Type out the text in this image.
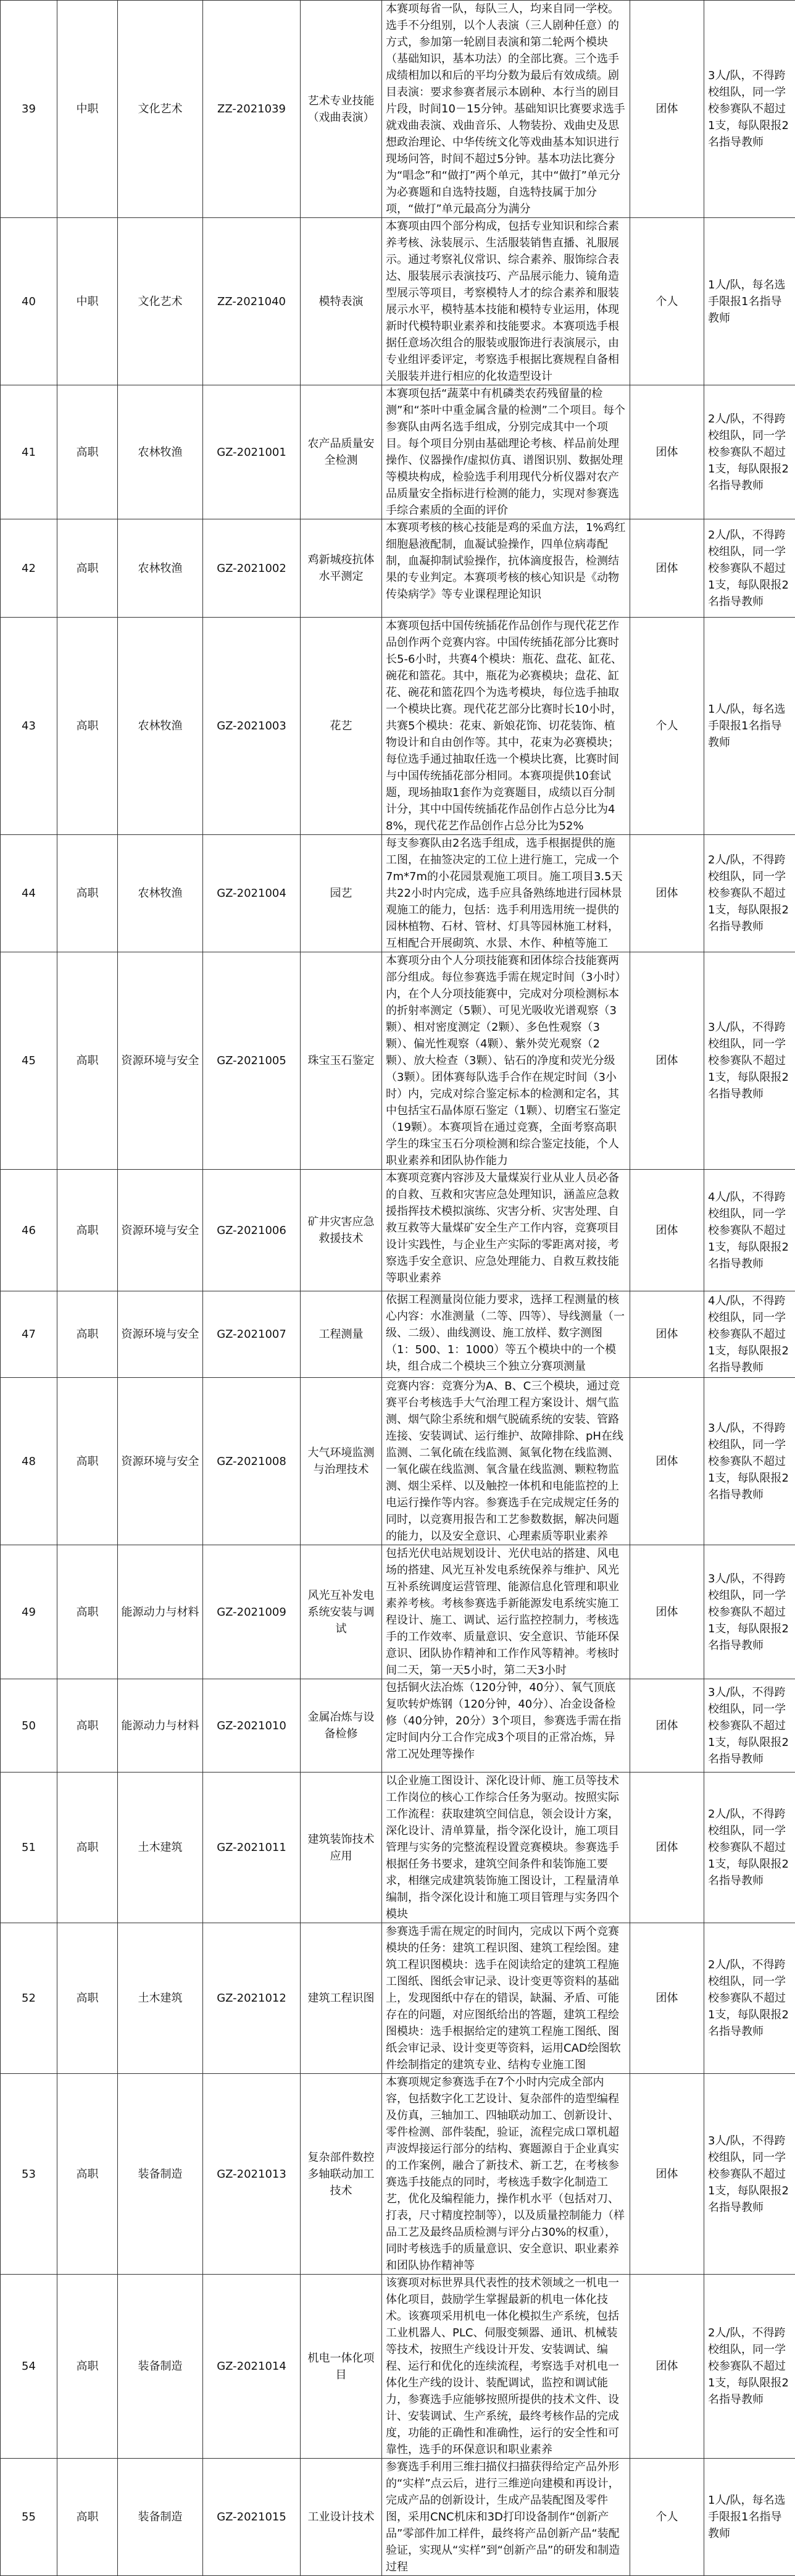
39	中职	文化艺术	ZZ-2021039	艺术专业技能（戏曲表演）	本赛项每省一队，每队三人，均来自同一学校。选手不分组别，以个人表演（三人剧种任意）的方式，参加第一轮剧目表演和第二轮两个模块（基础知识，基本功法）的全部比赛。三个选手成绩相加以和后的平均分数为最后有效成绩。剧目表演：要求参赛者展示本剧种、本行当的剧目片段，时间10－15分钟。基础知识比赛要求选手就戏曲表演、戏曲音乐、人物装扮、戏曲史及思想政治理论、中华传统文化等戏曲基本知识进行现场问答，时间不超过5分钟。基本功法比赛分为“唱念”和“做打”两个单元，其中“做打”单元分为必赛题和自选特技题，自选特技属于加分项，“做打”单元最高分为满分	团体	3人/队，不得跨校组队，同一学校参赛队不超过1支，每队限报2名指导教师
40	中职	文化艺术	ZZ-2021040	模特表演	本赛项由四个部分构成，包括专业知识和综合素养考核、泳装展示、生活服装销售直播、礼服展示。通过考察礼仪常识、综合素养、服饰综合表达、服装展示表演技巧、产品展示能力、镜角造型展示等项目，考察模特人才的综合素养和服装展示水平，模特基本技能和模特专业运用，体现新时代模特职业素养和技能要求。本赛项选手根据任意场次组合的服装或服饰进行表演展示，由专业组评委评定，考察选手根据比赛规程自备相关服装并进行相应的化妆造型设计	个人	1人/队，每名选手限报1名指导教师
41	高职	农林牧渔	GZ-2021001	农产品质量安全检测	本赛项包括“蔬菜中有机磷类农药残留量的检测”和“茶叶中重金属含量的检测”二个项目。每个参赛队由两名选手组成，分别完成其中一个项目。每个项目分别由基础理论考核、样品前处理操作、仪器操作/虚拟仿真、谱图识别、数据处理等模块构成，检验选手利用现代分析仪器对农产品质量安全指标进行检测的能力，实现对参赛选手综合素质的全面的评价	团体	2人/队，不得跨校组队，同一学校参赛队不超过1支，每队限报2名指导教师
42	高职	农林牧渔	GZ-2021002	鸡新城疫抗体水平测定	本赛项考核的核心技能是鸡的采血方法，1%鸡红细胞悬液配制，血凝试验操作，四单位病毒配制，血凝抑制试验操作，抗体滴度报告，检测结果的专业判定。本赛项考核的核心知识是《动物传染病学》等专业课程理论知识	团体	2人/队，不得跨校组队，同一学校参赛队不超过1支，每队限报2名指导教师
43	高职	农林牧渔	GZ-2021003	花艺	本赛项包括中国传统插花作品创作与现代花艺作品创作两个竞赛内容。中国传统插花部分比赛时长5-6小时，共赛4个模块：瓶花、盘花、缸花、碗花和篮花。其中，瓶花为必赛模块；盘花、缸花、碗花和篮花四个为选考模块，每位选手抽取一个模块比赛。现代花艺部分比赛时长10小时，共赛5个模块：花束、新娘花饰、切花装饰、植物设计和自由创作等。其中，花束为必赛模块；每位选手通过抽取任选一个模块比赛，比赛时间与中国传统插花部分相同。本赛项提供10套试题，现场抽取1套作为竞赛题目，成绩以百分制计分，其中中国传统插花作品创作占总分比为48%，现代花艺作品创作占总分比为52%	个人	1人/队，每名选手限报1名指导教师
44	高职	农林牧渔	GZ-2021004	园艺	每支参赛队由2名选手组成，选手根据提供的施工图，在抽签决定的工位上进行施工，完成一个7m*7m的小花园景观施工项目。施工项目3.5天共22小时内完成，选手应具备熟练地进行园林景观施工的能力，包括：选手利用选用统一提供的园林植物、石材、管材、灯具等园林施工材料，互相配合开展砌筑、水景、木作、种植等施工	团体	2人/队，不得跨校组队，同一学校参赛队不超过1支，每队限报2名指导教师
45	高职	资源环境与安全	GZ-2021005	珠宝玉石鉴定	本赛项分由个人分项技能赛和团体综合技能赛两部分组成。每位参赛选手需在规定时间（3小时）内，在个人分项技能赛中，完成对分项检测标本的折射率测定（5颗）、可见光吸收光谱观察（3颗）、相对密度测定（2颗）、多色性观察（3颗）、偏光性观察（4颗）、紫外荧光观察（2颗）、放大检查（3颗）、钻石的净度和荧光分级（3颗）。团体赛每队选手合作在规定时间（3小时）内，完成对综合鉴定标本的检测和定名，其中包括宝石晶体原石鉴定（1颗）、切磨宝石鉴定（19颗）。本赛项旨在通过竞赛，全面考察高职学生的珠宝玉石分项检测和综合鉴定技能，个人职业素养和团队协作能力	团体	3人/队，不得跨校组队，同一学校参赛队不超过1支，每队限报2名指导教师
46	高职	资源环境与安全	GZ-2021006	矿井灾害应急救援技术	本赛项竞赛内容涉及大量煤炭行业从业人员必备的自救、互救和灾害应急处理知识，涵盖应急救援指挥技术模拟演练、灾害分析、灾害处理、自救互救等大量煤矿安全生产工作内容，竞赛项目设计实践性，与企业生产实际的零距离对接，考察选手安全意识、应急处理能力、自救互救技能等职业素养	团体	4人/队，不得跨校组队，同一学校参赛队不超过1支，每队限报2名指导教师
47	高职	资源环境与安全	GZ-2021007	工程测量	依据工程测量岗位能力要求，选择工程测量的核心内容：水准测量（二等、四等）、导线测量（一级、二级）、曲线测设、施工放样、数字测图（1：500、1：1000）等五个模块中的一个模块，组合成二个模块三个独立分赛项测量	团体	4人/队，不得跨校组队，同一学校参赛队不超过1支，每队限报2名指导教师
48	高职	资源环境与安全	GZ-2021008	大气环境监测与治理技术	竞赛内容：竞赛分为A、B、C三个模块，通过竞赛平台考核选手大气治理工程方案设计、烟气监测、烟气除尘系统和烟气脱硫系统的安装、管路连接、安装调试、运行维护、故障排除、pH在线监测、二氧化硫在线监测、氮氧化物在线监测、一氧化碳在线监测、氧含量在线监测、颗粒物监测、烟尘采样、以及触控一体机和电能监控的上电运行操作等内容。参赛选手在完成规定任务的同时，以竞赛用报告和工艺参数数据，解决问题的能力，以及安全意识、心理素质等职业素养	团体	3人/队，不得跨校组队，同一学校参赛队不超过1支，每队限报2名指导教师
49	高职	能源动力与材料	GZ-2021009	风光互补发电系统安装与调试	包括光伏电站规划设计、光伏电站的搭建、风电场的搭建、风光互补发电系统保养与维护、风光互补系统调度运营管理、能源信息化管理和职业素养考核。考核参赛选手新能源发电系统实施工程设计、施工、调试、运行监控控制力，考核选手的工作效率、质量意识、安全意识、节能环保意识、团队协作精神和工作作风等精神。考核时间二天，第一天5小时，第二天3小时	团体	3人/队，不得跨校组队，同一学校参赛队不超过1支，每队限报2名指导教师
50	高职	能源动力与材料	GZ-2021010	金属冶炼与设备检修	包括铜火法冶炼（120分钟，40分）、氧气顶底复吹转炉炼钢（120分钟，40分）、冶金设备检修（40分钟，20分）3个项目，参赛选手需在指定时间内分工合作完成3个项目的正常冶炼，异常工况处理等操作	团体	3人/队，不得跨校组队，同一学校参赛队不超过1支，每队限报2名指导教师
51	高职	土木建筑	GZ-2021011	建筑装饰技术应用	以企业施工图设计、深化设计师、施工员等技术工作岗位的核心工作综合任务为驱动。按照实际工作流程：获取建筑空间信息，领会设计方案，深化设计、清单算量，指令深化设计，施工项目管理与实务的完整流程设置竞赛模块。参赛选手根据任务书要求，建筑空间条件和装饰施工要求，相继完成建筑装饰施工图设计，工程量清单编制，指令深化设计和施工项目管理与实务四个模块	团体	2人/队，不得跨校组队，同一学校参赛队不超过1支，每队限报2名指导教师
52	高职	土木建筑	GZ-2021012	建筑工程识图	参赛选手需在规定的时间内，完成以下两个竞赛模块的任务：建筑工程识图、建筑工程绘图。建筑工程识图模块：选手在阅读给定的建筑工程施工图纸、图纸会审记录、设计变更等资料的基础上，发现图纸中存在的错误，缺漏、矛盾、可能存在的问题，对应图纸给出的答题，建筑工程绘图模块：选手根据给定的建筑工程施工图纸、图纸会审记录、设计变更等资料，运用CAD绘图软件绘制指定的建筑专业、结构专业施工图	团体	2人/队，不得跨校组队，同一学校参赛队不超过1支，每队限报2名指导教师
53	高职	装备制造	GZ-2021013	复杂部件数控多轴联动加工技术	本赛项规定参赛选手在7个小时内完成全部内容，包括数字化工艺设计、复杂部件的造型编程及仿真，三轴加工、四轴联动加工、创新设计、零件检测、部件装配，验证，流程完成口罩机超声波焊接运行部分的结构、赛题源自于企业真实的工作案例，融合了新技术、新工艺，在考核参赛选手技能点的同时，考核选手数字化制造工艺，优化及编程能力，操作机水平（包括对刀、打表，尺寸精度控制等），以及质量控制能力（样品工艺及最终品质检测与评分占30%的权重），同时考核选手的质量意识、安全意识、职业素养和团队协作精神等	团体	3人/队，不得跨校组队，同一学校参赛队不超过1支，每队限报2名指导教师
54	高职	装备制造	GZ-2021014	机电一体化项目	该赛项对标世界具代表性的技术领域之一机电一体化项目，鼓励学生掌握最新的机电一体化技术。该赛项采用机电一体化模拟生产系统，包括工业机器人、PLC、伺服变频器、通讯、机械装等技术，按照生产线设计开发、安装调试、编程、运行和优化的连续流程，考察选手对机电一体化生产线的设计、装配调试，监控和调试能力，参赛选手应能够按照所提供的技术文件、设计、安装调试、生产系统，最终考核作品的完成度，功能的正确性和准确性，运行的安全性和可靠性，选手的环保意识和职业素养	团体	2人/队，不得跨校组队，同一学校参赛队不超过1支，每队限报2名指导教师
55	高职	装备制造	GZ-2021015	工业设计技术	参赛选手利用三维扫描仪扫描获得给定产品外形的“实样”点云后，进行三维逆向建模和再设计，完成产品的创新设计，生成产品装配图及零件图，采用CNC机床和3D打印设备制作“创新产品”零部件加工样件，最终将产品创新产品“装配验证，实现从“实样”到“创新产品”的研发和制造过程	个人	1人/队，每名选手限报1名指导教师
